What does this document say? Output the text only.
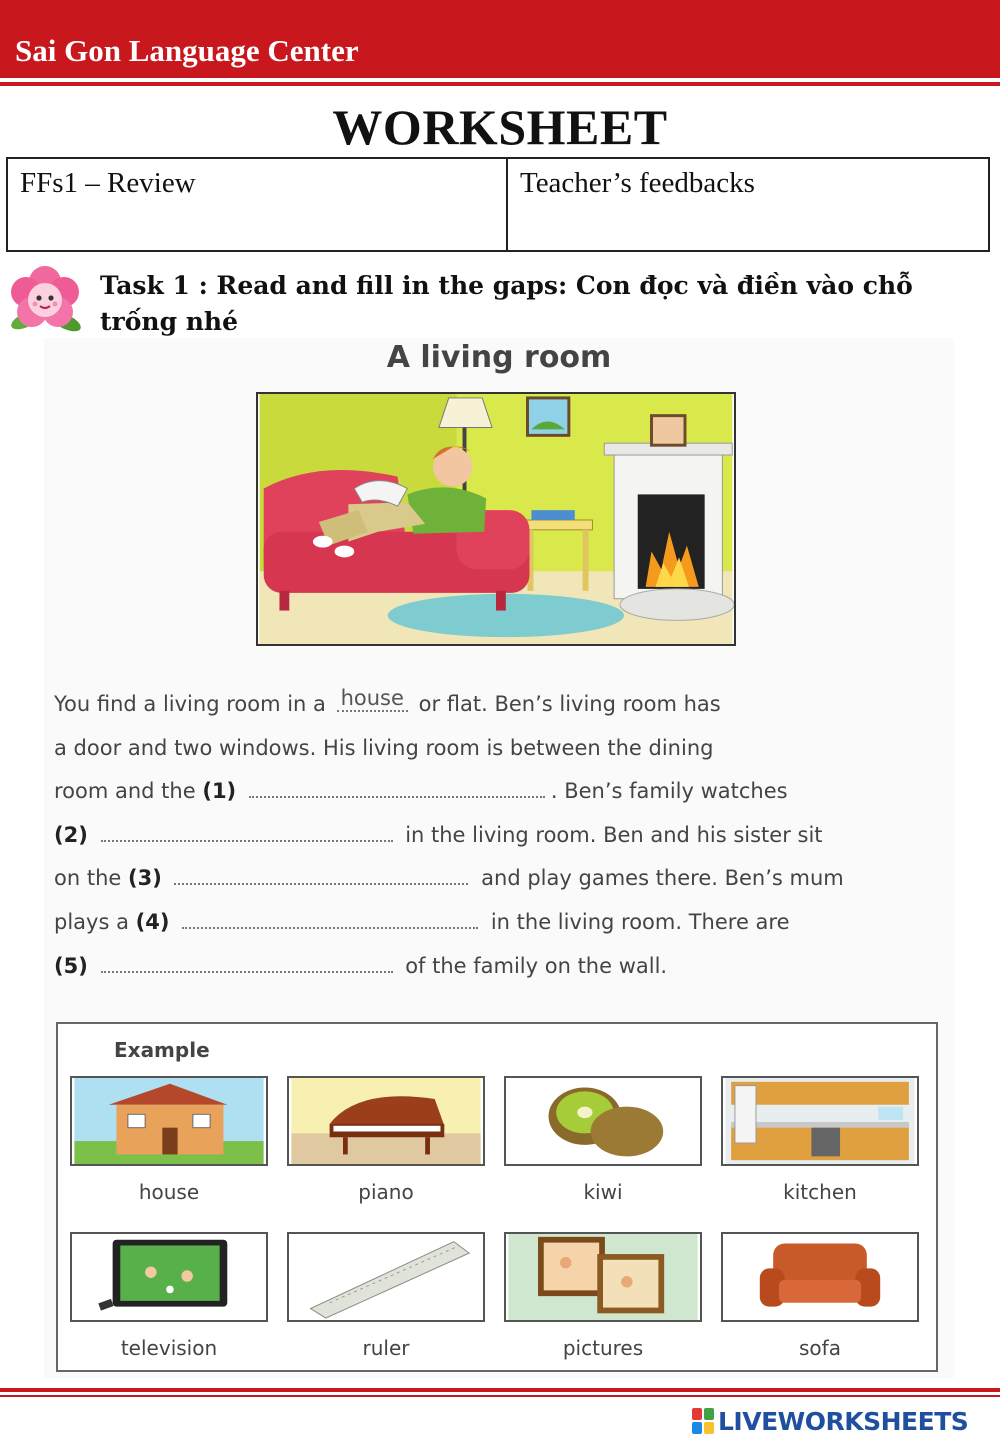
Sai Gon Language Center
WORKSHEET
FFs1 – Review	Teacher’s feedbacks
Task 1 : Read and fill in the gaps: Con đọc và điền vào chỗ trống nhé
A living room
You find a living room in a house or flat. Ben’s living room has
a door and two windows. His living room is between the dining
room and the (1)	. Ben’s family watches
(2)	in the living room. Ben and his sister sit
on the (3)	and play games there. Ben’s mum
plays a (4)	in the living room. There are
(5)	of the family on the wall.
Example
house	piano	kiwi	kitchen
television	ruler	pictures	sofa
LIVEWORKSHEETS
